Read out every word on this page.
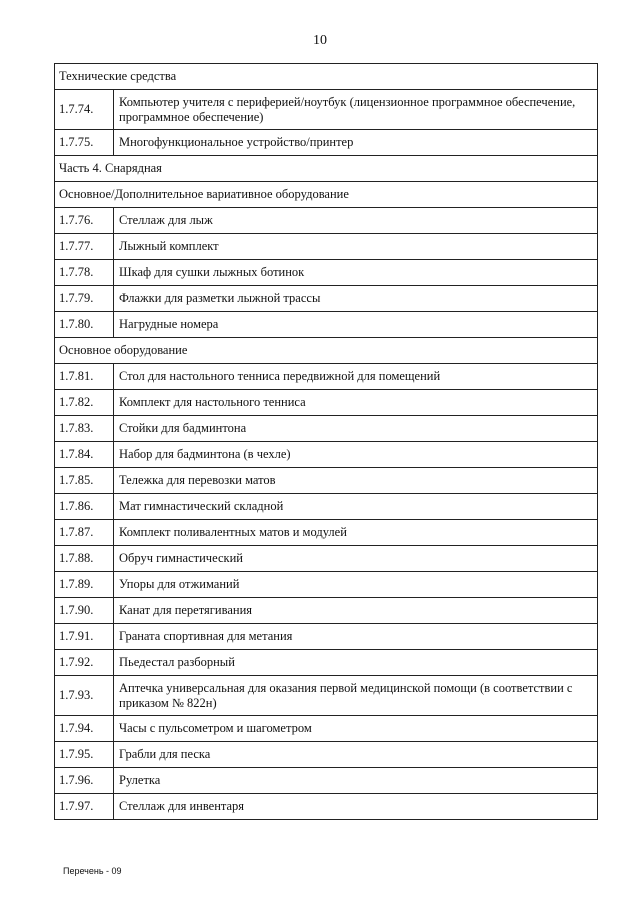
10
Технические средства	
1.7.74.	Компьютер учителя с периферией/ноутбук (лицензионное программное обеспечение, программное обеспечение)
1.7.75.	Многофункциональное устройство/принтер
Часть 4. Снарядная	
Основное/Дополнительное вариативное оборудование	
1.7.76.	Стеллаж для лыж
1.7.77.	Лыжный комплект
1.7.78.	Шкаф для сушки лыжных ботинок
1.7.79.	Флажки для разметки лыжной трассы
1.7.80.	Нагрудные номера
Основное оборудование	
1.7.81.	Стол для настольного тенниса передвижной для помещений
1.7.82.	Комплект для настольного тенниса
1.7.83.	Стойки для бадминтона
1.7.84.	Набор для бадминтона (в чехле)
1.7.85.	Тележка для перевозки матов
1.7.86.	Мат гимнастический складной
1.7.87.	Комплект поливалентных матов и модулей
1.7.88.	Обруч гимнастический
1.7.89.	Упоры для отжиманий
1.7.90.	Канат для перетягивания
1.7.91.	Граната спортивная для метания
1.7.92.	Пьедестал разборный
1.7.93.	Аптечка универсальная для оказания первой медицинской помощи (в соответствии с приказом № 822н)
1.7.94.	Часы с пульсометром и шагометром
1.7.95.	Грабли для песка
1.7.96.	Рулетка
1.7.97.	Стеллаж для инвентаря
Перечень - 09
